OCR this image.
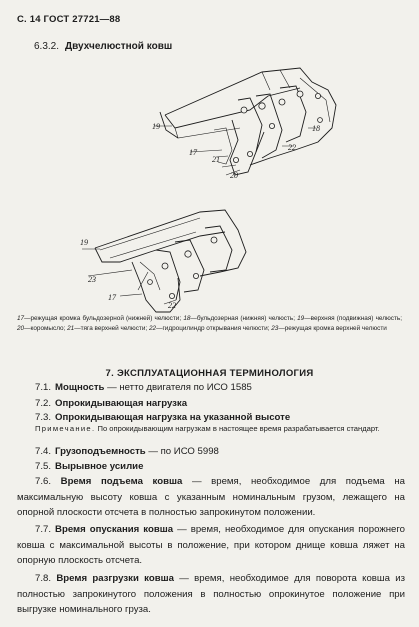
С. 14 ГОСТ 27721—88
6.3.2. Двухчелюстной ковш
19
17
21
20
22
18
19
23
17
22
17—режущая кромка бульдозерной (нижней) челюсти; 18—бульдозерная (нижняя) челюсть; 19—верхняя (подвижная) челюсть; 20—коромысло; 21—тяга верхней челюсти; 22—гидроцилиндр открывания челюсти; 23—режущая кромка верхней челюсти
7. ЭКСПЛУАТАЦИОННАЯ ТЕРМИНОЛОГИЯ
7.1. Мощность — нетто двигателя по ИСО 1585
7.2. Опрокидывающая нагрузка
7.3. Опрокидывающая нагрузка на указанной высоте
Примечание. По опрокидывающим нагрузкам в настоящее время разрабатывается стандарт.
7.4. Грузоподъемность — по ИСО 5998
7.5. Вырывное усилие
7.6. Время подъема ковша — время, необходимое для подъема на максимальную высоту ковша с указанным номинальным грузом, лежащего на опорной плоскости отсчета в полностью запрокинутом положении.
7.7. Время опускания ковша — время, необходимое для опускания порожнего ковша с максимальной высоты в положение, при котором днище ковша ляжет на опорную плоскость отсчета.
7.8. Время разгрузки ковша — время, необходимое для поворота ковша из полностью запрокинутого положения в полностью опрокинутое положение при выгрузке номинального груза.
